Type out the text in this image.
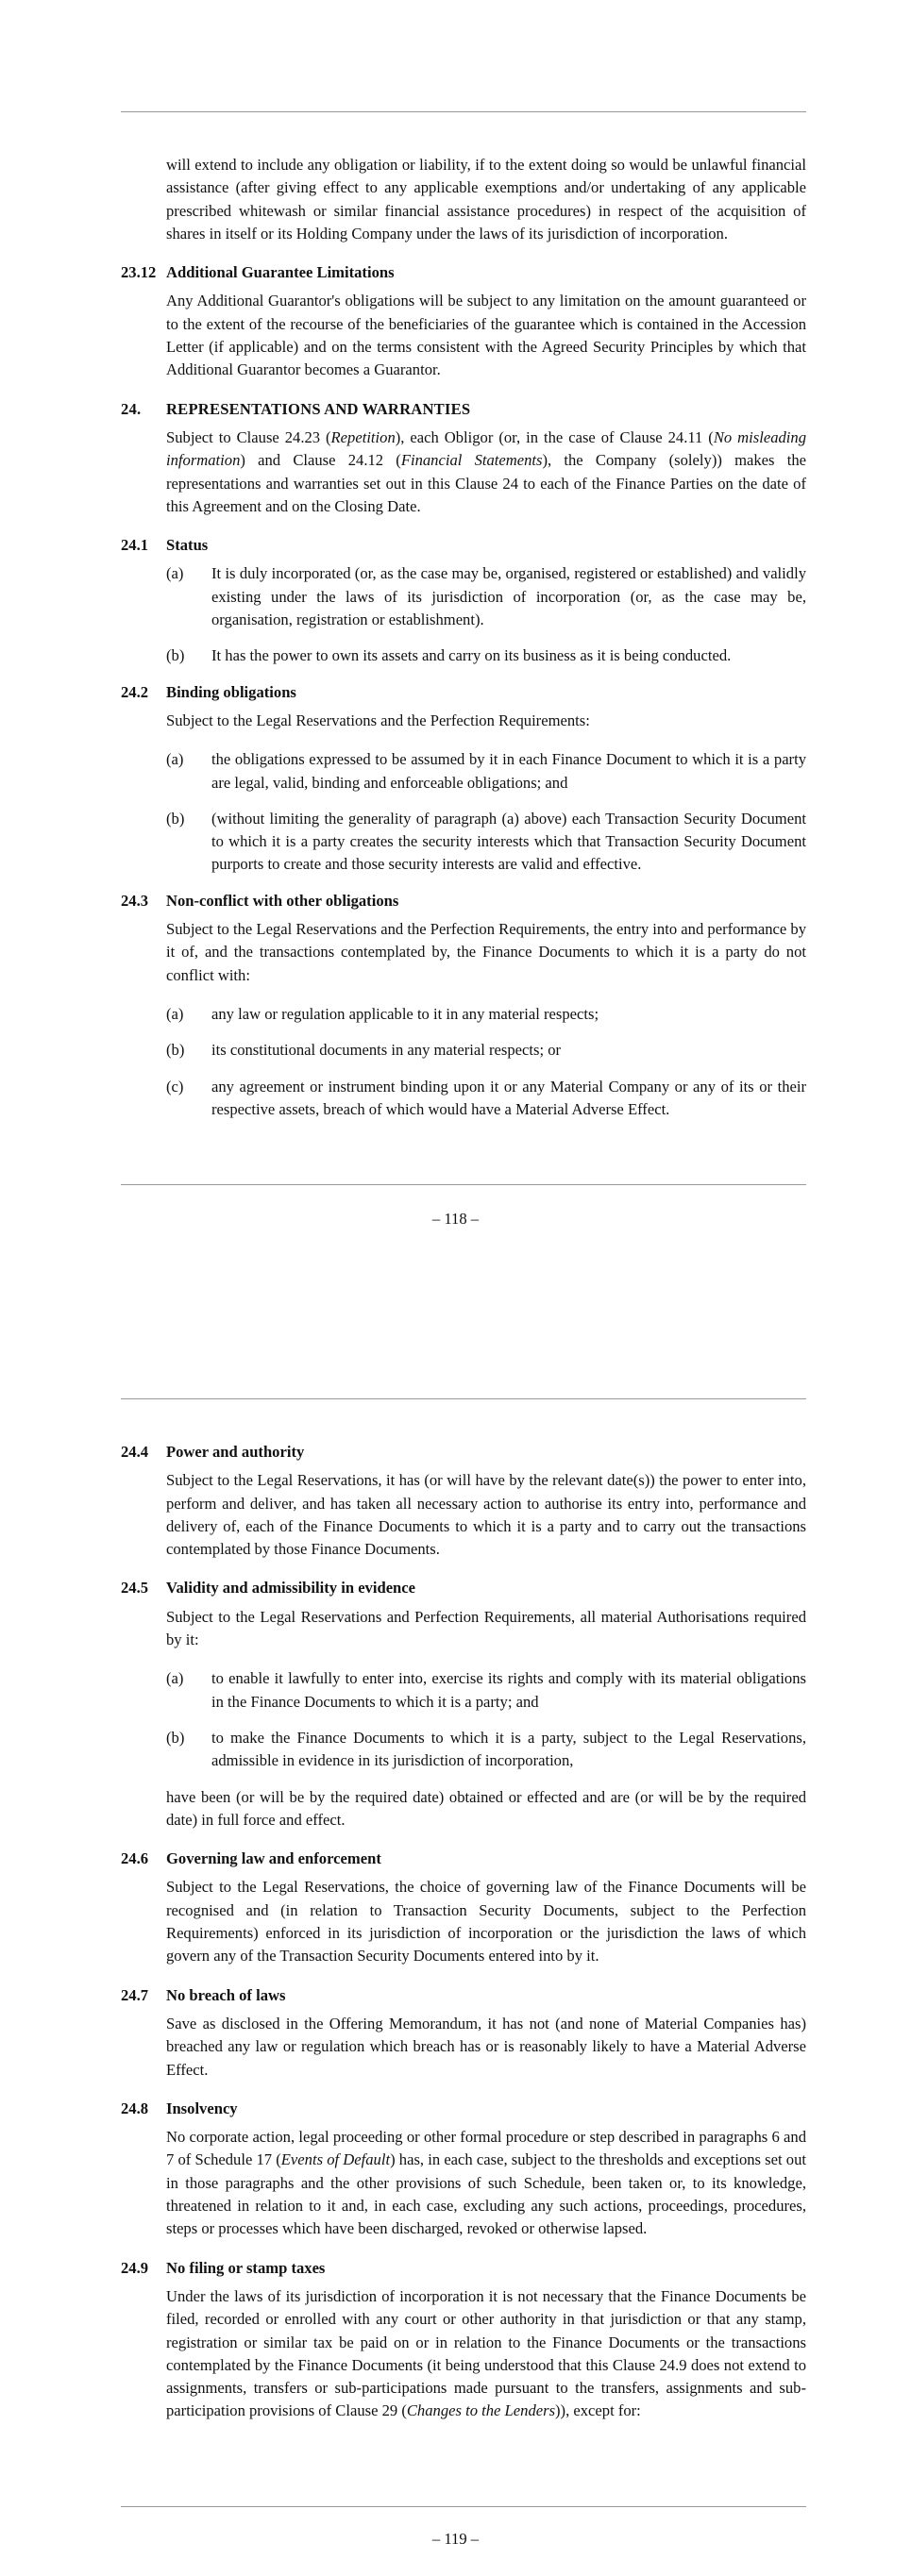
will extend to include any obligation or liability, if to the extent doing so would be unlawful financial assistance (after giving effect to any applicable exemptions and/or undertaking of any applicable prescribed whitewash or similar financial assistance procedures) in respect of the acquisition of shares in itself or its Holding Company under the laws of its jurisdiction of incorporation.

23.12 Additional Guarantee Limitations

Any Additional Guarantor's obligations will be subject to any limitation on the amount guaranteed or to the extent of the recourse of the beneficiaries of the guarantee which is contained in the Accession Letter (if applicable) and on the terms consistent with the Agreed Security Principles by which that Additional Guarantor becomes a Guarantor.

24.	REPRESENTATIONS AND WARRANTIES

Subject to Clause 24.23 (Repetition), each Obligor (or, in the case of Clause 24.11 (No misleading information) and Clause 24.12 (Financial Statements), the Company (solely)) makes the representations and warranties set out in this Clause 24 to each of the Finance Parties on the date of this Agreement and on the Closing Date.

24.1	Status
(a)	It is duly incorporated (or, as the case may be, organised, registered or established) and validly existing under the laws of its jurisdiction of incorporation (or, as the case may be, organisation, registration or establishment).

(b)	It has the power to own its assets and carry on its business as it is being conducted.

24.2	Binding obligations

Subject to the Legal Reservations and the Perfection Requirements:

(a)	the obligations expressed to be assumed by it in each Finance Document to which it is a party are legal, valid, binding and enforceable obligations; and

(b)	(without limiting the generality of paragraph (a) above) each Transaction Security Document to which it is a party creates the security interests which that Transaction Security Document purports to create and those security interests are valid and effective.

24.3	Non-conflict with other obligations

Subject to the Legal Reservations and the Perfection Requirements, the entry into and performance by it of, and the transactions contemplated by, the Finance Documents to which it is a party do not conflict with:

(a)	any law or regulation applicable to it in any material respects;

(b)	its constitutional documents in any material respects; or

(c)	any agreement or instrument binding upon it or any Material Company or any of its or their respective assets, breach of which would have a Material Adverse Effect.

– 118 –
24.4	Power and authority

Subject to the Legal Reservations, it has (or will have by the relevant date(s)) the power to enter into, perform and deliver, and has taken all necessary action to authorise its entry into, performance and delivery of, each of the Finance Documents to which it is a party and to carry out the transactions contemplated by those Finance Documents.

24.5	Validity and admissibility in evidence

Subject to the Legal Reservations and Perfection Requirements, all material Authorisations required by it:

(a)	to enable it lawfully to enter into, exercise its rights and comply with its material obligations in the Finance Documents to which it is a party; and

(b)	to make the Finance Documents to which it is a party, subject to the Legal Reservations, admissible in evidence in its jurisdiction of incorporation,

have been (or will be by the required date) obtained or effected and are (or will be by the required date) in full force and effect.

24.6	Governing law and enforcement

Subject to the Legal Reservations, the choice of governing law of the Finance Documents will be recognised and (in relation to Transaction Security Documents, subject to the Perfection Requirements) enforced in its jurisdiction of incorporation or the jurisdiction the laws of which govern any of the Transaction Security Documents entered into by it.

24.7	No breach of laws

Save as disclosed in the Offering Memorandum, it has not (and none of Material Companies has) breached any law or regulation which breach has or is reasonably likely to have a Material Adverse Effect.

24.8	Insolvency

No corporate action, legal proceeding or other formal procedure or step described in paragraphs 6 and 7 of Schedule 17 (Events of Default) has, in each case, subject to the thresholds and exceptions set out in those paragraphs and the other provisions of such Schedule, been taken or, to its knowledge, threatened in relation to it and, in each case, excluding any such actions, proceedings, procedures, steps or processes which have been discharged, revoked or otherwise lapsed.

24.9	No filing or stamp taxes

Under the laws of its jurisdiction of incorporation it is not necessary that the Finance Documents be filed, recorded or enrolled with any court or other authority in that jurisdiction or that any stamp, registration or similar tax be paid on or in relation to the Finance Documents or the transactions contemplated by the Finance Documents (it being understood that this Clause 24.9 does not extend to assignments, transfers or sub-participations made pursuant to the transfers, assignments and sub-participation provisions of Clause 29 (Changes to the Lenders)), except for:

– 119 –
